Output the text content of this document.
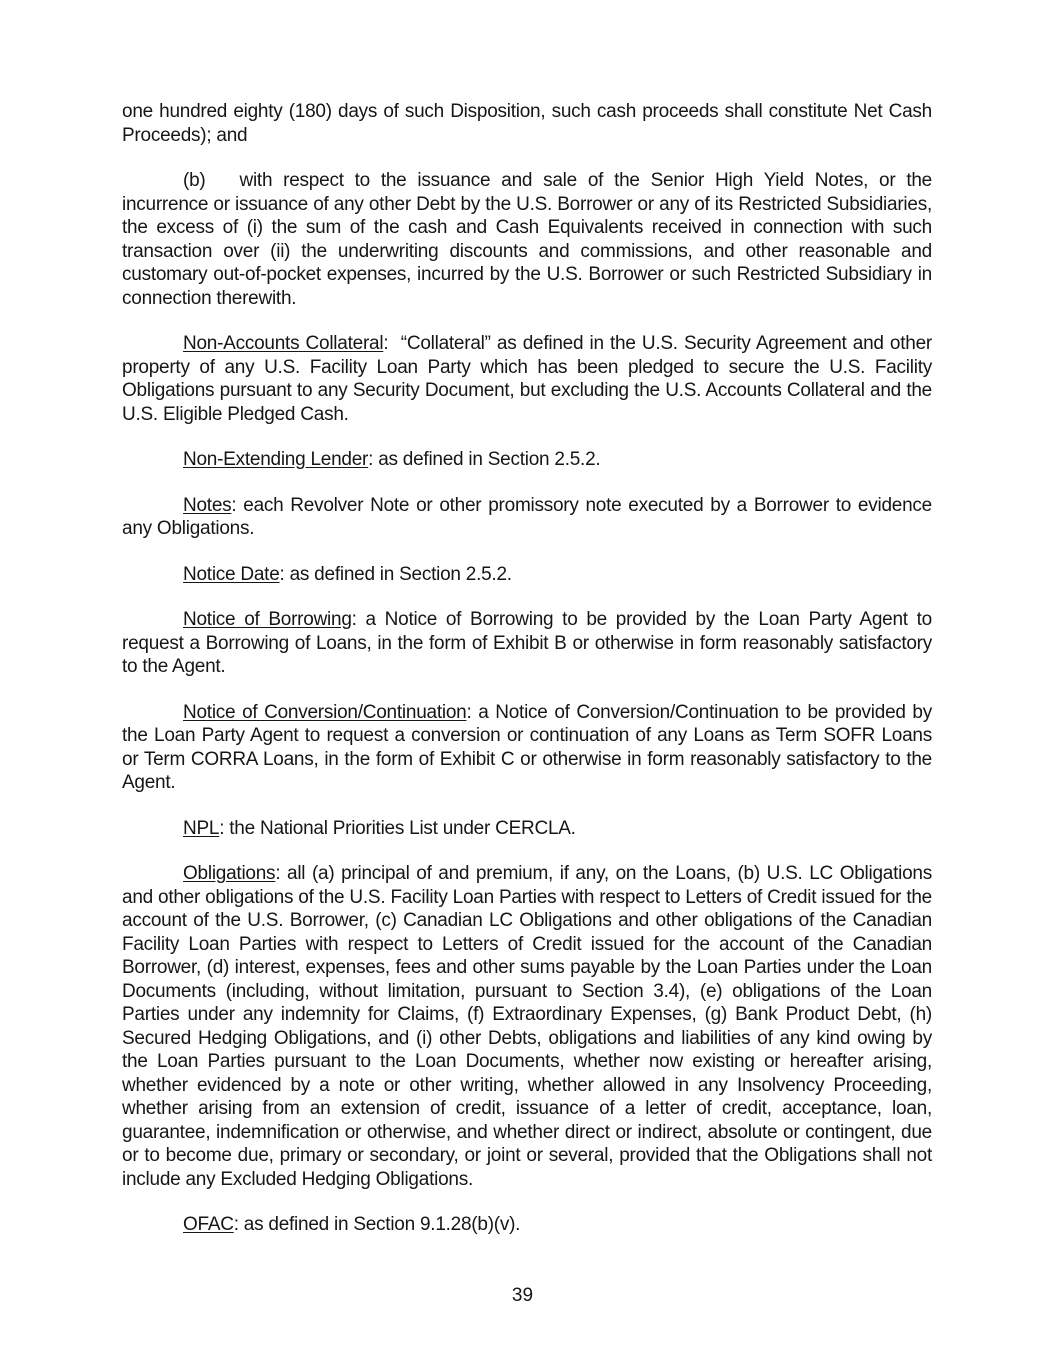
one hundred eighty (180) days of such Disposition, such cash proceeds shall constitute Net Cash Proceeds); and

(b) with respect to the issuance and sale of the Senior High Yield Notes, or the incurrence or issuance of any other Debt by the U.S. Borrower or any of its Restricted Subsidiaries, the excess of (i) the sum of the cash and Cash Equivalents received in connection with such transaction over (ii) the underwriting discounts and commissions, and other reasonable and customary out-of-pocket expenses, incurred by the U.S. Borrower or such Restricted Subsidiary in connection therewith.

Non-Accounts Collateral:  “Collateral” as defined in the U.S. Security Agreement and other property of any U.S. Facility Loan Party which has been pledged to secure the U.S. Facility Obligations pursuant to any Security Document, but excluding the U.S. Accounts Collateral and the U.S. Eligible Pledged Cash.

Non-Extending Lender: as defined in Section 2.5.2.

Notes: each Revolver Note or other promissory note executed by a Borrower to evidence any Obligations.

Notice Date: as defined in Section 2.5.2.

Notice of Borrowing: a Notice of Borrowing to be provided by the Loan Party Agent to request a Borrowing of Loans, in the form of Exhibit B or otherwise in form reasonably satisfactory to the Agent.

Notice of Conversion/Continuation: a Notice of Conversion/Continuation to be provided by the Loan Party Agent to request a conversion or continuation of any Loans as Term SOFR Loans or Term CORRA Loans, in the form of Exhibit C or otherwise in form reasonably satisfactory to the Agent.

NPL: the National Priorities List under CERCLA.

Obligations: all (a) principal of and premium, if any, on the Loans, (b) U.S. LC Obligations and other obligations of the U.S. Facility Loan Parties with respect to Letters of Credit issued for the account of the U.S. Borrower, (c) Canadian LC Obligations and other obligations of the Canadian Facility Loan Parties with respect to Letters of Credit issued for the account of the Canadian Borrower, (d) interest, expenses, fees and other sums payable by the Loan Parties under the Loan Documents (including, without limitation, pursuant to Section 3.4), (e) obligations of the Loan Parties under any indemnity for Claims, (f) Extraordinary Expenses, (g) Bank Product Debt, (h) Secured Hedging Obligations, and (i) other Debts, obligations and liabilities of any kind owing by the Loan Parties pursuant to the Loan Documents, whether now existing or hereafter arising, whether evidenced by a note or other writing, whether allowed in any Insolvency Proceeding, whether arising from an extension of credit, issuance of a letter of credit, acceptance, loan, guarantee, indemnification or otherwise, and whether direct or indirect, absolute or contingent, due or to become due, primary or secondary, or joint or several, provided that the Obligations shall not include any Excluded Hedging Obligations.

OFAC: as defined in Section 9.1.28(b)(v).

39
